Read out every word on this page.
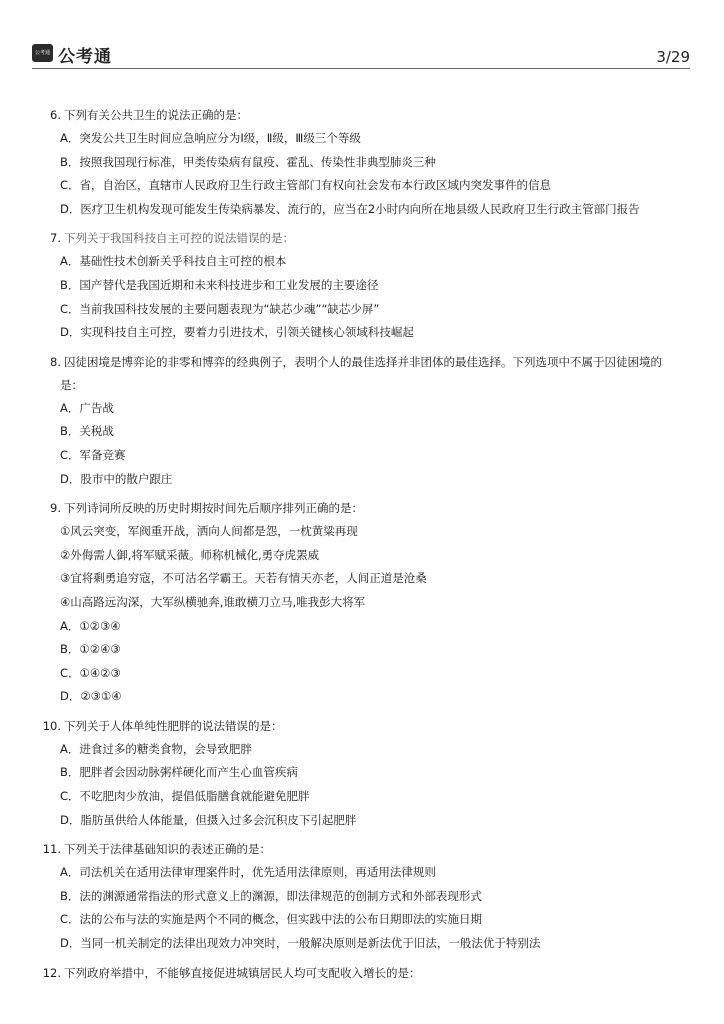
公考通 公考通	3/29
6. 下列有关公共卫生的说法正确的是：
A．突发公共卫生时间应急响应分为Ⅰ级，Ⅱ级，Ⅲ级三个等级
B．按照我国现行标准，甲类传染病有鼠疫、霍乱、传染性非典型肺炎三种
C．省，自治区，直辖市人民政府卫生行政主管部门有权向社会发布本行政区域内突发事件的信息
D．医疗卫生机构发现可能发生传染病暴发、流行的，应当在2小时内向所在地县级人民政府卫生行政主管部门报告
7. 下列关于我国科技自主可控的说法错误的是：
A．基础性技术创新关乎科技自主可控的根本
B．国产替代是我国近期和未来科技进步和工业发展的主要途径
C．当前我国科技发展的主要问题表现为“缺芯少魂”“缺芯少屏”
D．实现科技自主可控，要着力引进技术，引领关键核心领域科技崛起
8. 囚徒困境是博弈论的非零和博弈的经典例子，表明个人的最佳选择并非团体的最佳选择。下列选项中不属于囚徒困境的
是：
A．广告战
B．关税战
C．军备竞赛
D．股市中的散户跟庄
9. 下列诗词所反映的历史时期按时间先后顺序排列正确的是：
①风云突变，军阀重开战，洒向人间都是怨，一枕黄粱再现
②外侮需人御,将军赋采薇。师称机械化,勇夺虎罴威
③宜将剩勇追穷寇，不可沽名学霸王。天若有情天亦老，人间正道是沧桑
④山高路远沟深，大军纵横驰奔,谁敢横刀立马,唯我彭大将军
A．①②③④
B．①②④③
C．①④②③
D．②③①④
10. 下列关于人体单纯性肥胖的说法错误的是：
A．进食过多的糖类食物，会导致肥胖
B．肥胖者会因动脉粥样硬化而产生心血管疾病
C．不吃肥肉少放油，提倡低脂膳食就能避免肥胖
D．脂肪虽供给人体能量，但摄入过多会沉积皮下引起肥胖
11. 下列关于法律基础知识的表述正确的是：
A．司法机关在适用法律审理案件时，优先适用法律原则，再适用法律规则
B．法的渊源通常指法的形式意义上的渊源，即法律规范的创制方式和外部表现形式
C．法的公布与法的实施是两个不同的概念，但实践中法的公布日期即法的实施日期
D．当同一机关制定的法律出现效力冲突时，一般解决原则是新法优于旧法，一般法优于特别法
12. 下列政府举措中，不能够直接促进城镇居民人均可支配收入增长的是：
